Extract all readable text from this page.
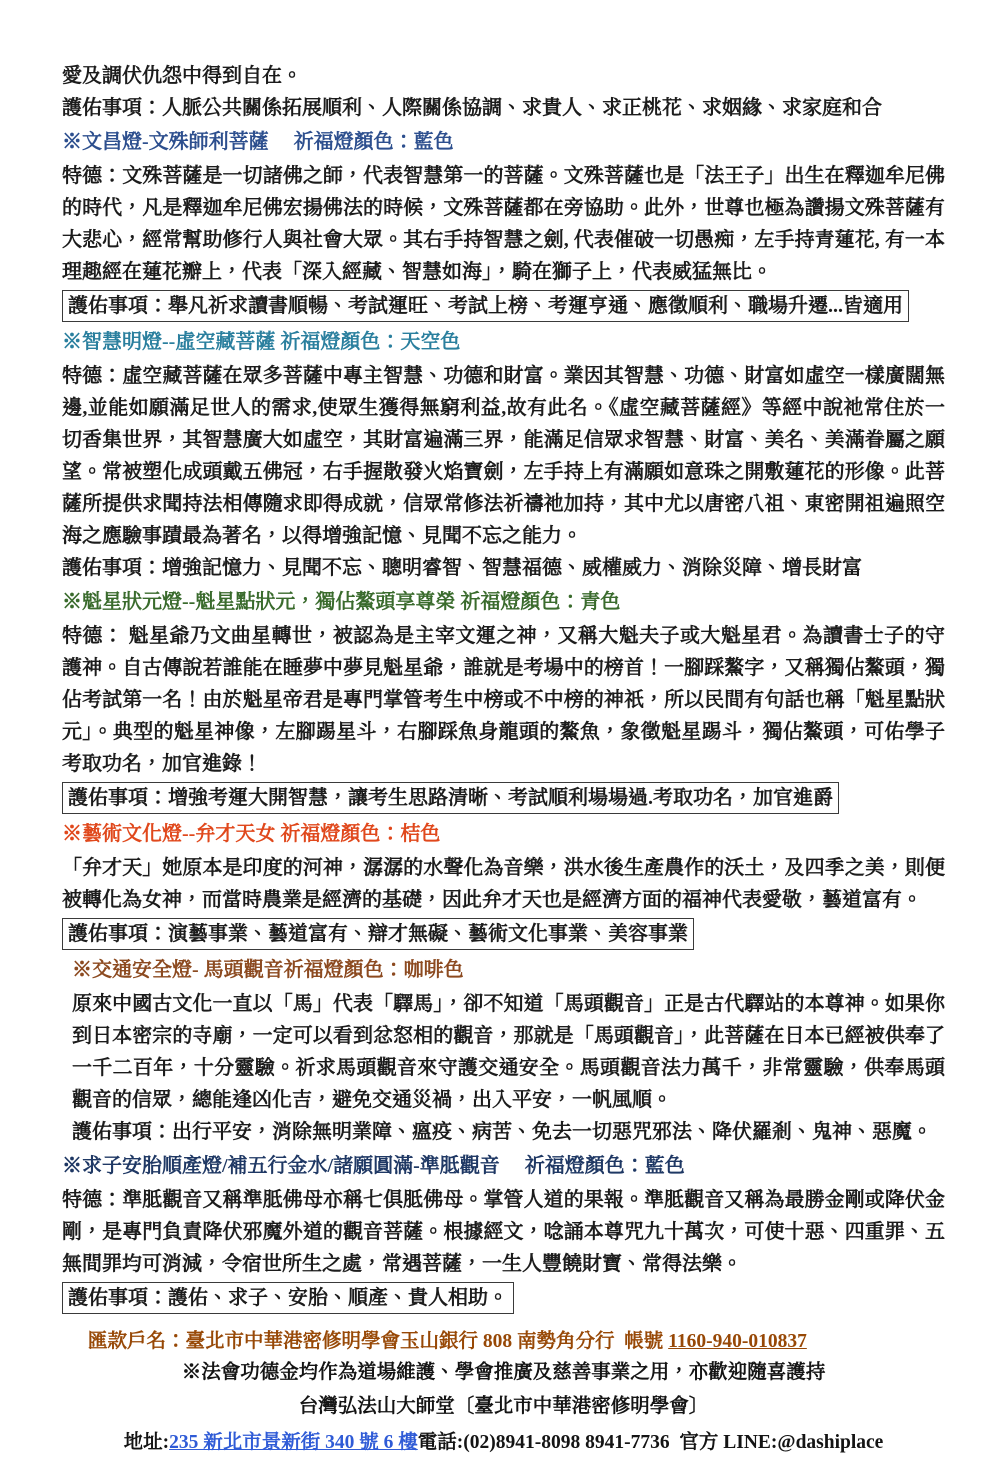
愛及調伏仇怨中得到自在。

護佑事項：人脈公共關係拓展順利、人際關係協調、求貴人、求正桃花、求姻緣、求家庭和合

※文昌燈-文殊師利菩薩　 祈福燈顏色：藍色
特德：文殊菩薩是一切諸佛之師，代表智慧第一的菩薩。文殊菩薩也是「法王子」出生在釋迦牟尼佛的時代，凡是釋迦牟尼佛宏揚佛法的時候，文殊菩薩都在旁協助。此外，世尊也極為讚揚文殊菩薩有大悲心，經常幫助修行人與社會大眾。其右手持智慧之劍, 代表催破一切愚痴，左手持青蓮花, 有一本理趣經在蓮花瓣上，代表「深入經藏、智慧如海」，騎在獅子上，代表威猛無比。
護佑事項：舉凡祈求讀書順暢、考試運旺、考試上榜、考運亨通、應徵順利、職場升遷...皆適用
※智慧明燈--虛空藏菩薩 祈福燈顏色：天空色
特德：虛空藏菩薩在眾多菩薩中專主智慧、功德和財富。業因其智慧、功德、財富如虛空一樣廣闊無邊,並能如願滿足世人的需求,使眾生獲得無窮利益,故有此名。《虛空藏菩薩經》等經中說祂常住於一切香集世界，其智慧廣大如虛空，其財富遍滿三界，能滿足信眾求智慧、財富、美名、美滿眷屬之願望。常被塑化成頭戴五佛冠，右手握散發火焰寶劍，左手持上有滿願如意珠之開敷蓮花的形像。此菩薩所提供求聞持法相傳隨求即得成就，信眾常修法祈禱祂加持，其中尤以唐密八祖、東密開祖遍照空海之應驗事蹟最為著名，以得增強記憶、見聞不忘之能力。
護佑事項：增強記憶力、見聞不忘、聰明睿智、智慧福德、威權威力、消除災障、增長財富
※魁星狀元燈--魁星點狀元，獨佔鰲頭享尊榮 祈福燈顏色：青色
特德： 魁星爺乃文曲星轉世，被認為是主宰文運之神，又稱大魁夫子或大魁星君。為讀書士子的守護神。自古傳說若誰能在睡夢中夢見魁星爺，誰就是考場中的榜首！一腳踩鰲字，又稱獨佔鰲頭，獨佔考試第一名！由於魁星帝君是專門掌管考生中榜或不中榜的神祇，所以民間有句話也稱「魁星點狀元」。典型的魁星神像，左腳踢星斗，右腳踩魚身龍頭的鰲魚，象徵魁星踢斗，獨佔鰲頭，可佑學子考取功名，加官進錄！
護佑事項：增強考運大開智慧，讓考生思路清晰、考試順利場場過.考取功名，加官進爵
※藝術文化燈--弁才天女 祈福燈顏色：桔色
「弁才天」她原本是印度的河神，潺潺的水聲化為音樂，洪水後生產農作的沃土，及四季之美，則便被轉化為女神，而當時農業是經濟的基礎，因此弁才天也是經濟方面的福神代表愛敬，藝道富有。
護佑事項：演藝事業、藝道富有、辯才無礙、藝術文化事業、美容事業
※交通安全燈- 馬頭觀音祈福燈顏色：咖啡色
原來中國古文化一直以「馬」代表「驛馬」，卻不知道「馬頭觀音」正是古代驛站的本尊神。如果你到日本密宗的寺廟，一定可以看到忿怒相的觀音，那就是「馬頭觀音」，此菩薩在日本已經被供奉了一千二百年，十分靈驗。祈求馬頭觀音來守護交通安全。馬頭觀音法力萬千，非常靈驗，供奉馬頭觀音的信眾，總能逢凶化吉，避免交通災禍，出入平安，一帆風順。
護佑事項：出行平安，消除無明業障、瘟疫、病苦、免去一切惡咒邪法、降伏羅剎、鬼神、惡魔。
※求子安胎順產燈/補五行金水/諸願圓滿-準胝觀音　 祈福燈顏色：藍色
特德：準胝觀音又稱準胝佛母亦稱七俱胝佛母。掌管人道的果報。準胝觀音又稱為最勝金剛或降伏金剛，是專門負責降伏邪魔外道的觀音菩薩。根據經文，唸誦本尊咒九十萬次，可使十惡、四重罪、五無間罪均可消減，令宿世所生之處，常遇菩薩，一生人豐饒財寶、常得法樂。
護佑事項：護佑、求子、安胎、順產、貴人相助。
匯款戶名：臺北市中華港密修明學會玉山銀行 808 南勢角分行 帳號 1160-940-010837
※法會功德金均作為道場維護、學會推廣及慈善事業之用，亦歡迎隨喜護持
台灣弘法山大師堂〔臺北市中華港密修明學會〕
地址:235 新北市景新街 340 號 6 樓電話:(02)8941-8098 8941-7736 官方 LINE:@dashiplace
